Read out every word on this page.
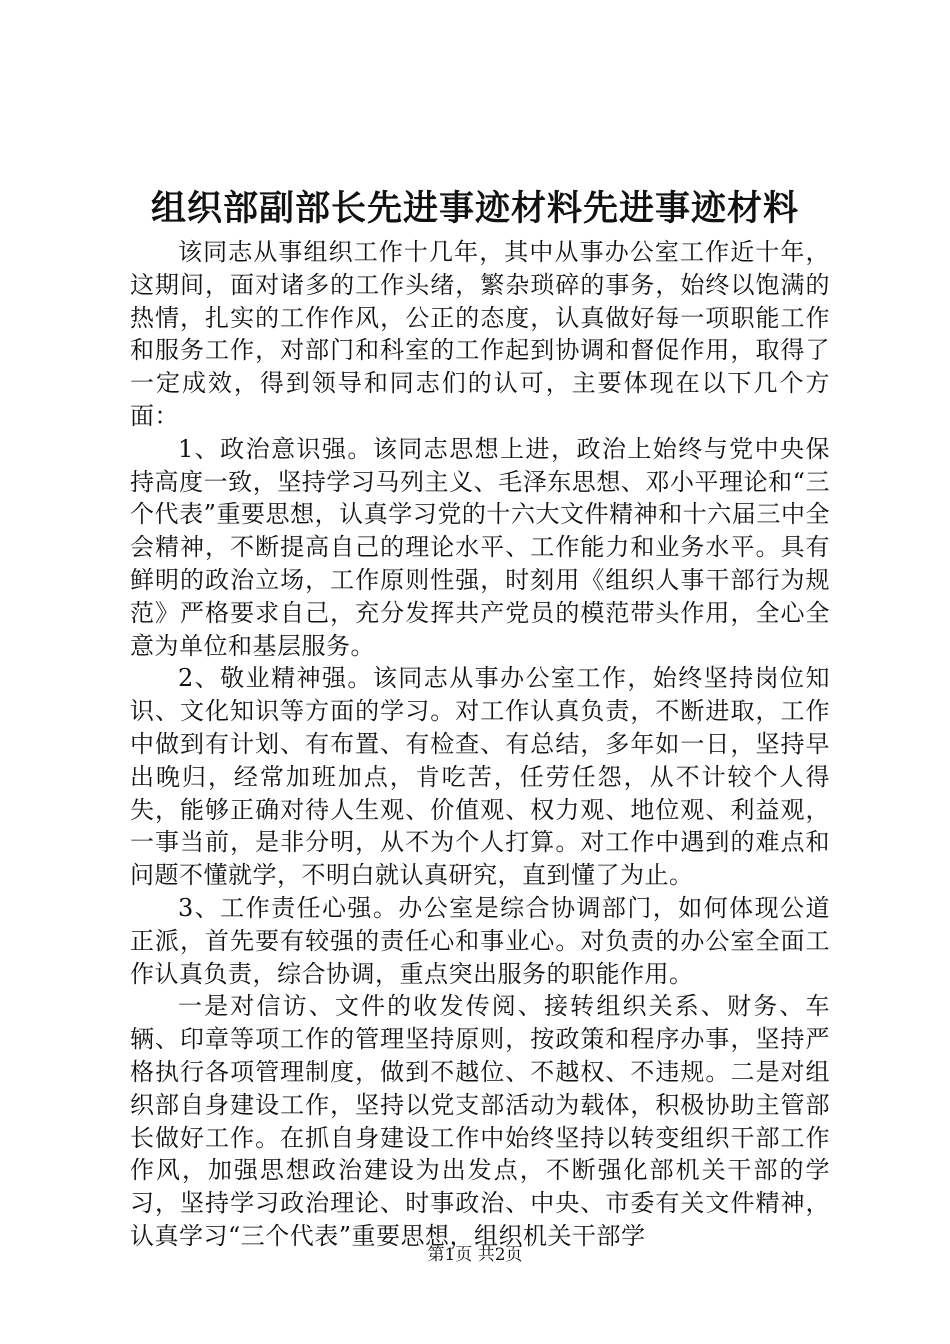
组织部副部长先进事迹材料先进事迹材料

该同志从事组织工作十几年，其中从事办公室工作近十年，这期间，面对诸多的工作头绪，繁杂琐碎的事务，始终以饱满的热情，扎实的工作作风，公正的态度，认真做好每一项职能工作和服务工作，对部门和科室的工作起到协调和督促作用，取得了一定成效，得到领导和同志们的认可，主要体现在以下几个方面：

1、政治意识强。该同志思想上进，政治上始终与党中央保持高度一致，坚持学习马列主义、毛泽东思想、邓小平理论和“三个代表”重要思想，认真学习党的十六大文件精神和十六届三中全会精神，不断提高自己的理论水平、工作能力和业务水平。具有鲜明的政治立场，工作原则性强，时刻用《组织人事干部行为规范》严格要求自己，充分发挥共产党员的模范带头作用，全心全意为单位和基层服务。

2、敬业精神强。该同志从事办公室工作，始终坚持岗位知识、文化知识等方面的学习。对工作认真负责，不断进取，工作中做到有计划、有布置、有检查、有总结，多年如一日，坚持早出晚归，经常加班加点，肯吃苦，任劳任怨，从不计较个人得失，能够正确对待人生观、价值观、权力观、地位观、利益观，一事当前，是非分明，从不为个人打算。对工作中遇到的难点和问题不懂就学，不明白就认真研究，直到懂了为止。

3、工作责任心强。办公室是综合协调部门，如何体现公道正派，首先要有较强的责任心和事业心。对负责的办公室全面工作认真负责，综合协调，重点突出服务的职能作用。

一是对信访、文件的收发传阅、接转组织关系、财务、车辆、印章等项工作的管理坚持原则，按政策和程序办事，坚持严格执行各项管理制度，做到不越位、不越权、不违规。二是对组织部自身建设工作，坚持以党支部活动为载体，积极协助主管部长做好工作。在抓自身建设工作中始终坚持以转变组织干部工作作风，加强思想政治建设为出发点，不断强化部机关干部的学习，坚持学习政治理论、时事政治、中央、市委有关文件精神，认真学习“三个代表”重要思想，组织机关干部学

第1页 共2页
